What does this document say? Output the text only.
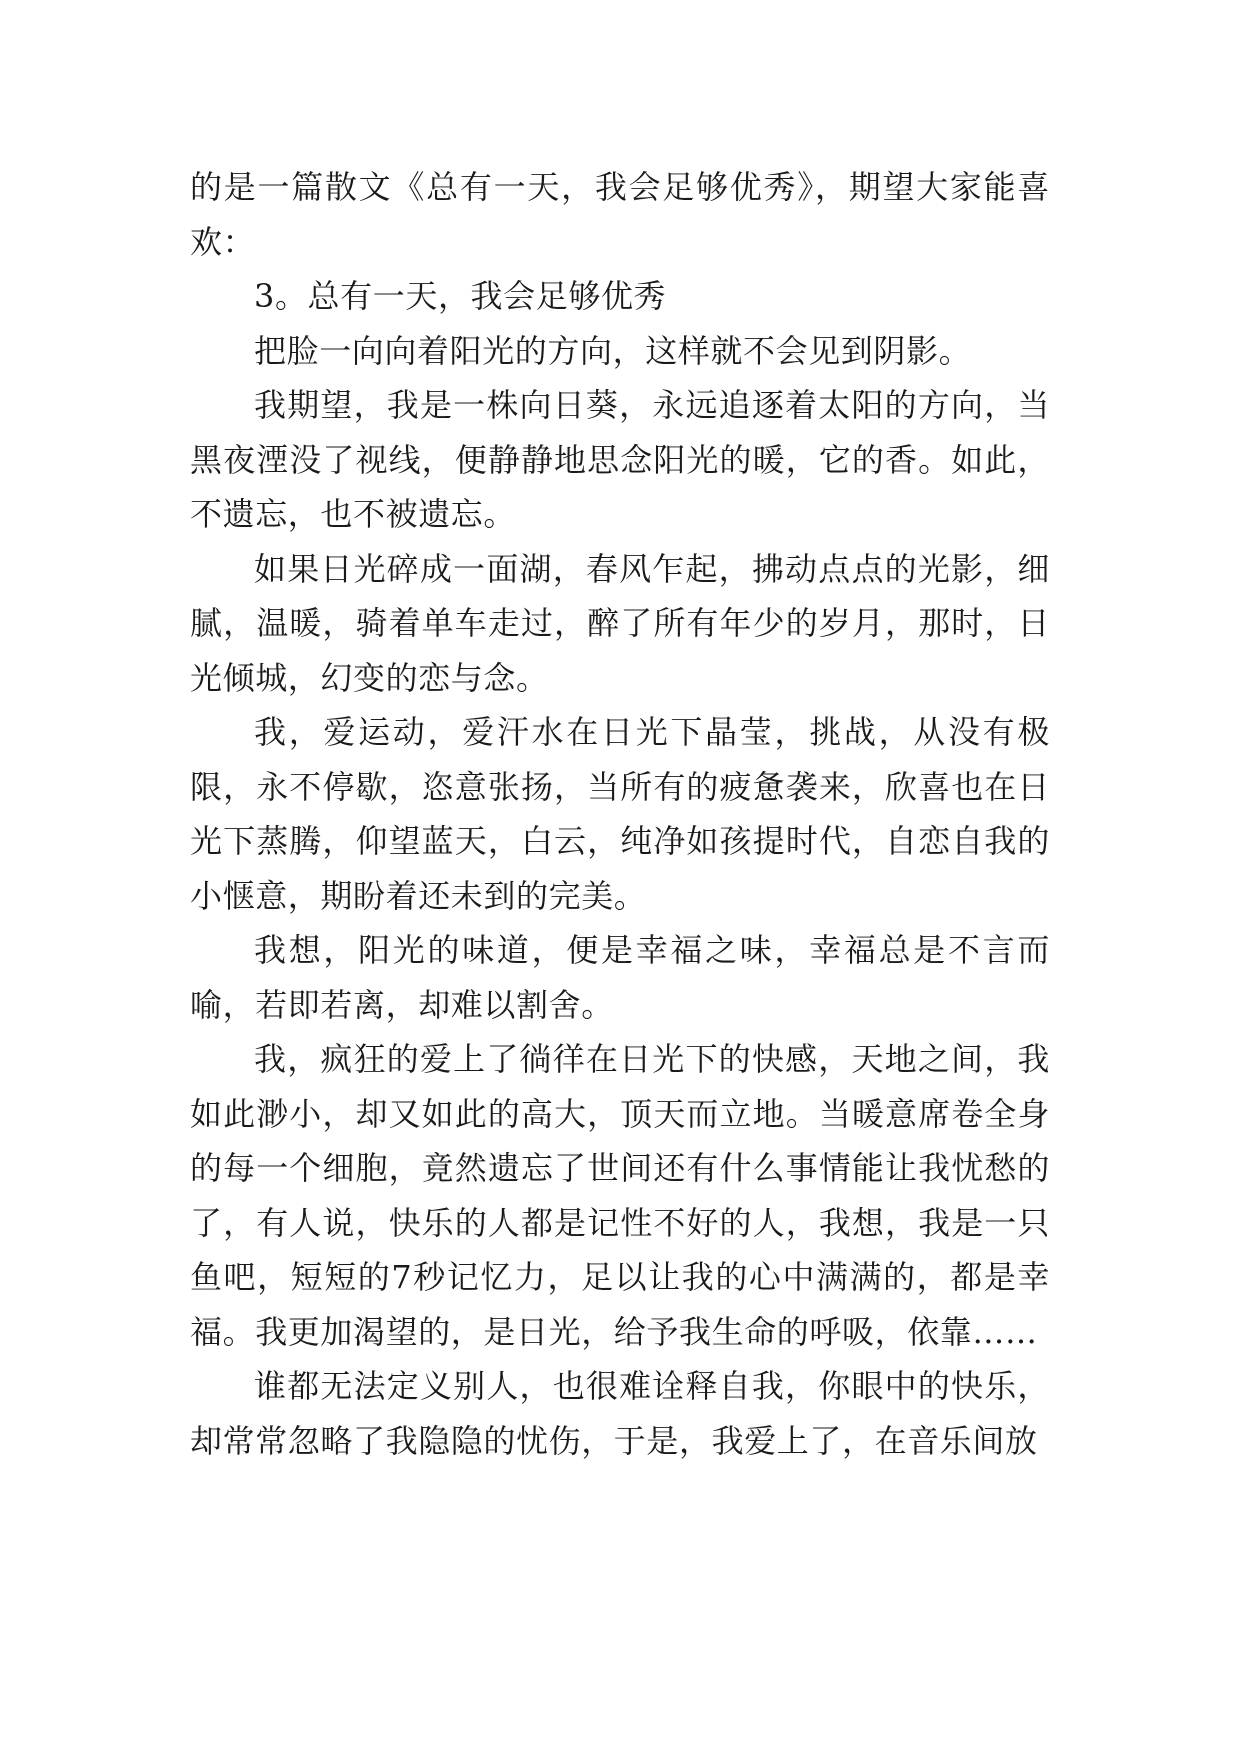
的是一篇散文《总有一天，我会足够优秀》，期望大家能喜欢：

3。总有一天，我会足够优秀

把脸一向向着阳光的方向，这样就不会见到阴影。

我期望，我是一株向日葵，永远追逐着太阳的方向，当黑夜湮没了视线，便静静地思念阳光的暖，它的香。如此，不遗忘，也不被遗忘。

如果日光碎成一面湖，春风乍起，拂动点点的光影，细腻，温暖，骑着单车走过，醉了所有年少的岁月，那时，日光倾城，幻变的恋与念。

我，爱运动，爱汗水在日光下晶莹，挑战，从没有极限，永不停歇，恣意张扬，当所有的疲惫袭来，欣喜也在日光下蒸腾，仰望蓝天，白云，纯净如孩提时代，自恋自我的小惬意，期盼着还未到的完美。

我想，阳光的味道，便是幸福之味，幸福总是不言而喻，若即若离，却难以割舍。

我，疯狂的爱上了徜徉在日光下的快感，天地之间，我如此渺小，却又如此的高大，顶天而立地。当暖意席卷全身的每一个细胞，竟然遗忘了世间还有什么事情能让我忧愁的了，有人说，快乐的人都是记性不好的人，我想，我是一只鱼吧，短短的7秒记忆力，足以让我的心中满满的，都是幸福。我更加渴望的，是日光，给予我生命的呼吸，依靠……

谁都无法定义别人，也很难诠释自我，你眼中的快乐，却常常忽略了我隐隐的忧伤，于是，我爱上了，在音乐间放
